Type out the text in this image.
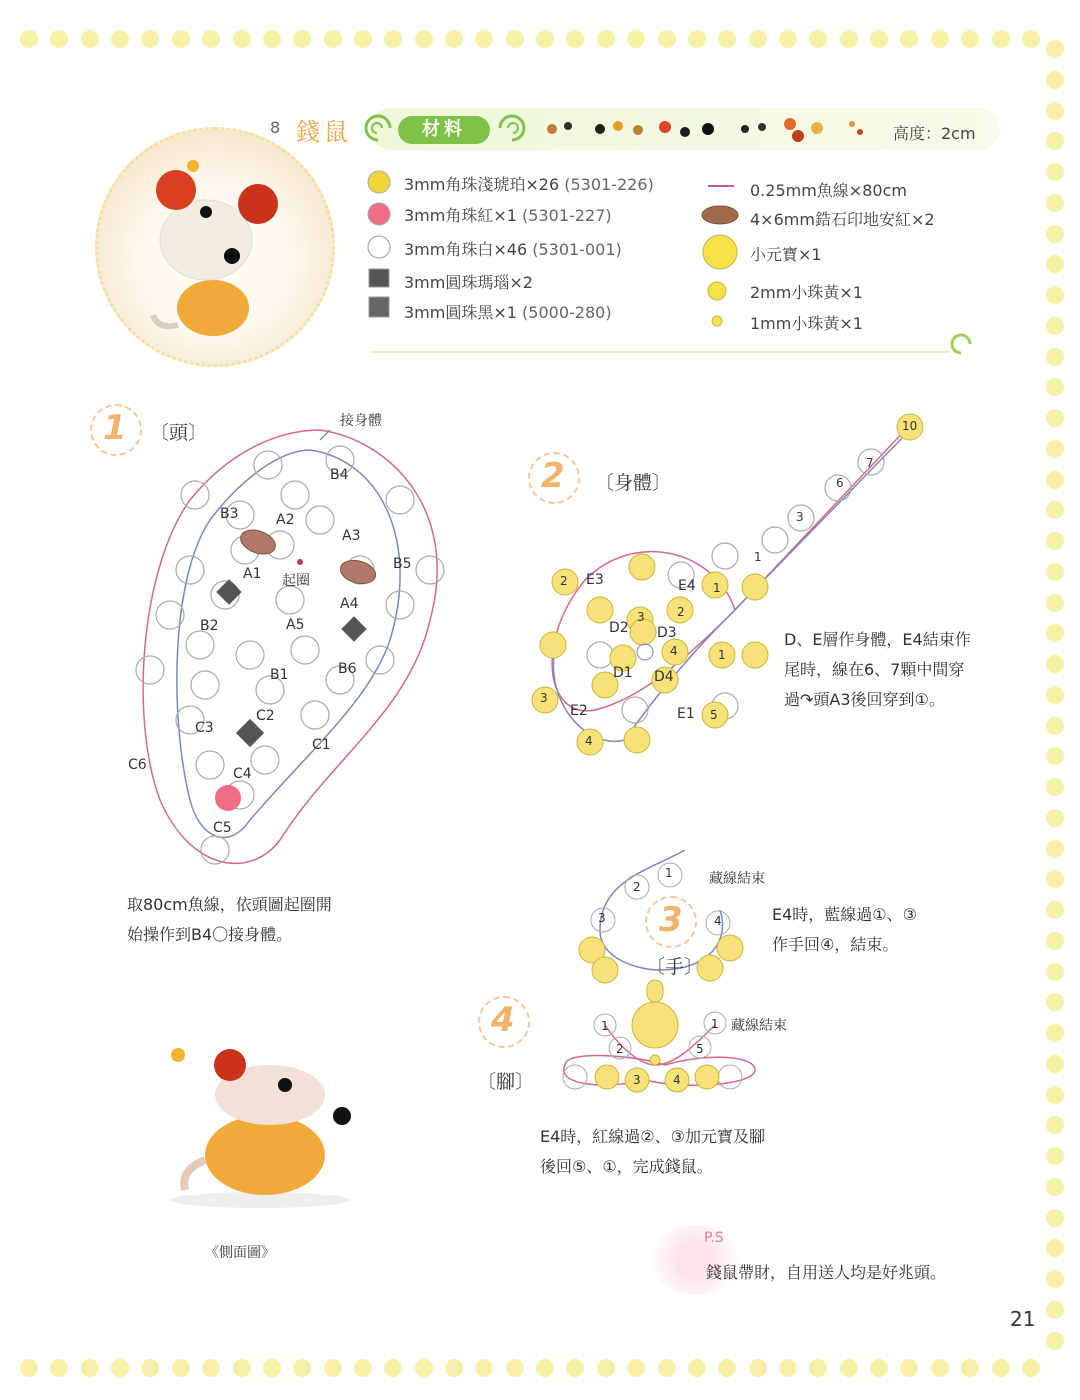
8 錢鼠	材料	高度：2cm
3mm角珠淺琥珀×26 (5301-226)
3mm角珠紅×1 (5301-227)
3mm角珠白×46 (5301-001)
3mm圓珠瑪瑙×2
3mm圓珠黑×1 (5000-280)
0.25mm魚線×80cm
4×6mm鋯石印地安紅×2
小元寶×1
2mm小珠黃×1
1mm小珠黃×1
1 〔頭〕
接身體
B4
B3	A2
A3
B5
A1 起圈
A4
B2	A5
B1	B6
C2
C3
C1
C6
C4
C5
取80cm魚線，依頭圖起圈開
始操作到B4〇接身體。
2 〔身體〕
E3	E4
D2 D3
D1 D4
E2	E1
10
7
6
3
1
2
3	2
4	1
3
4
5
1
D、E層作身體，E4結束作
尾時，線在6、7顆中間穿
過↷頭A3後回穿到①。
3
〔手〕
藏線結束
1
2
3	4	E4時，藍線過①、③
作手回④，結束。
4
〔腳〕
藏線結束
1
2
3	4
5
1
E4時，紅線過②、③加元寶及腳
後回⑤、①，完成錢鼠。
《側面圖》
P.S
錢鼠帶財，自用送人均是好兆頭。
21
